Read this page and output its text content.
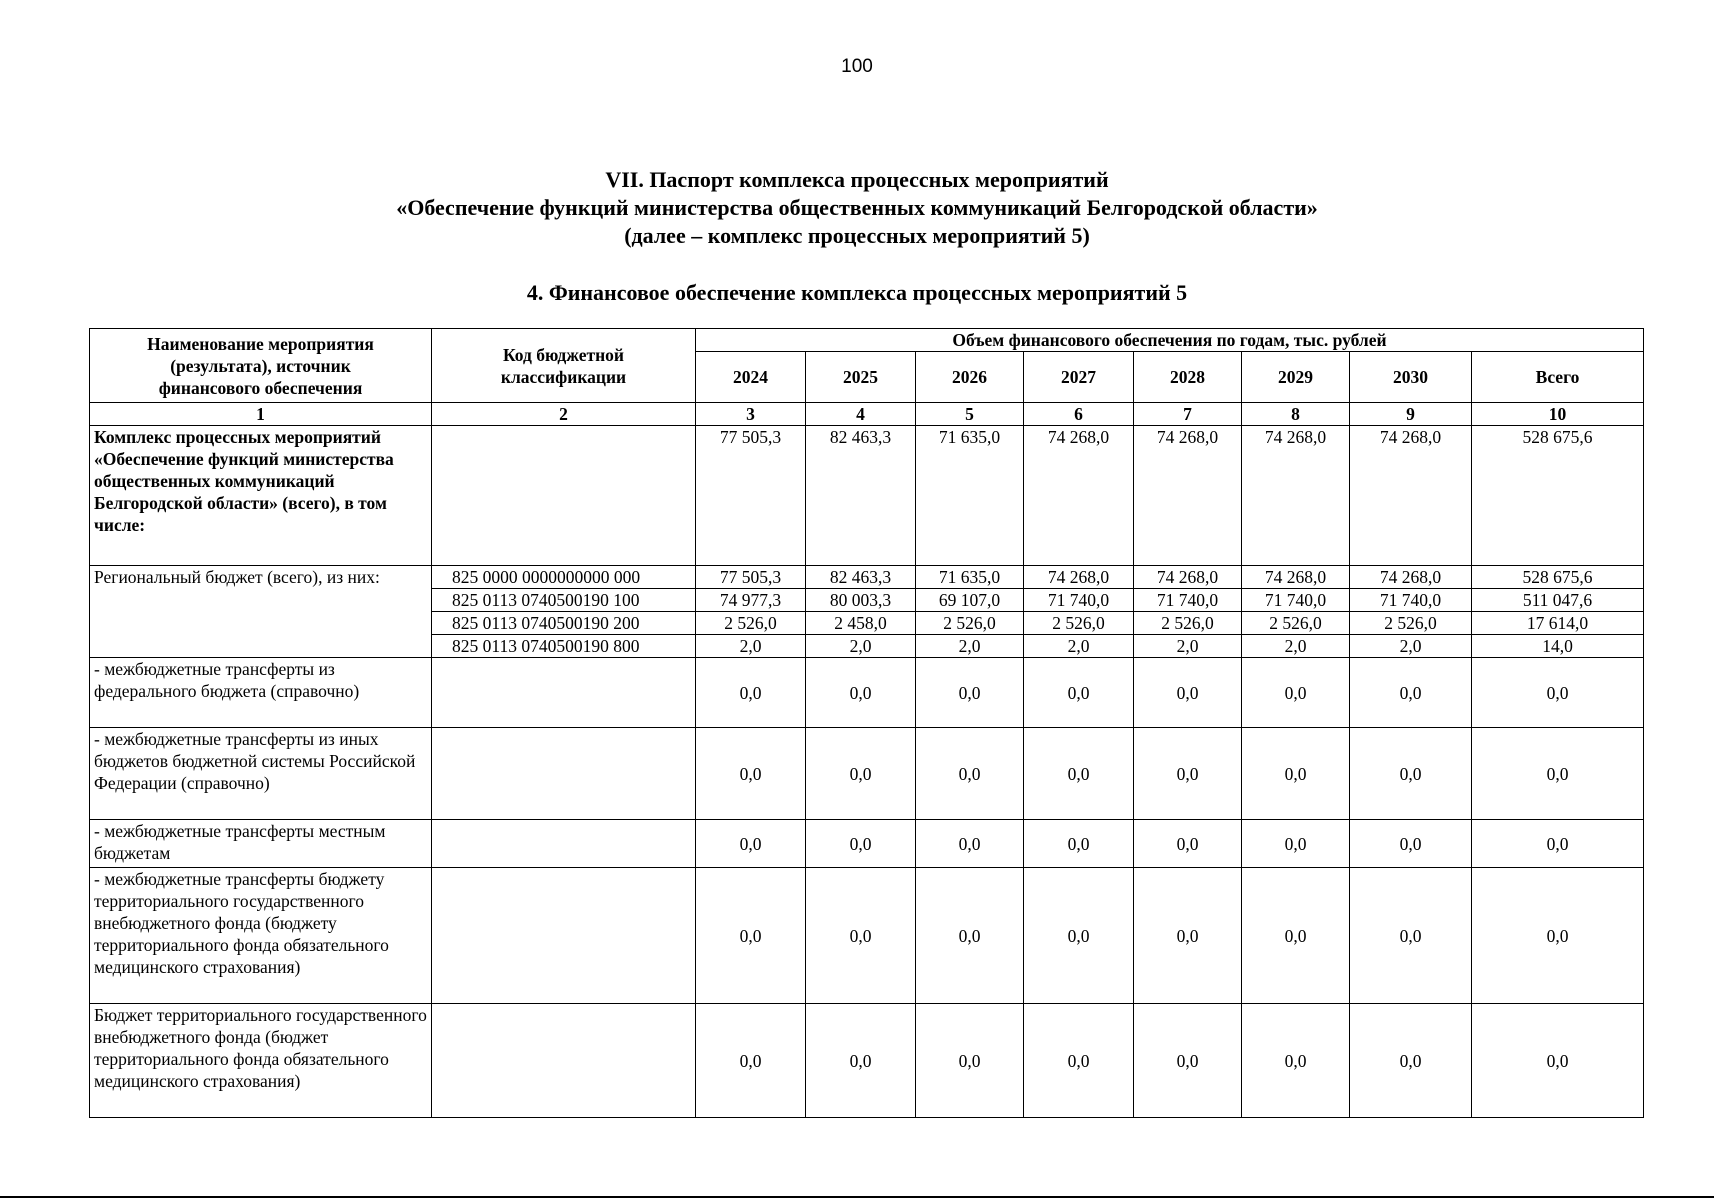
100
VII. Паспорт комплекса процессных мероприятий
«Обеспечение функций министерства общественных коммуникаций Белгородской области»
(далее – комплекс процессных мероприятий 5)
4. Финансовое обеспечение комплекса процессных мероприятий 5
Наименование мероприятия (результата), источник финансового обеспечения	Код бюджетной классификации	Объем финансового обеспечения по годам, тыс. рублей							
		2024	2025	2026	2027	2028	2029	2030	Всего
1	2	3	4	5	6	7	8	9	10
Комплекс процессных мероприятий «Обеспечение функций министерства общественных коммуникаций Белгородской области» (всего), в том числе:		77 505,3	82 463,3	71 635,0	74 268,0	74 268,0	74 268,0	74 268,0	528 675,6
Региональный бюджет (всего), из них:	825 0000 0000000000 000	77 505,3	82 463,3	71 635,0	74 268,0	74 268,0	74 268,0	74 268,0	528 675,6
	825 0113 0740500190 100	74 977,3	80 003,3	69 107,0	71 740,0	71 740,0	71 740,0	71 740,0	511 047,6
	825 0113 0740500190 200	2 526,0	2 458,0	2 526,0	2 526,0	2 526,0	2 526,0	2 526,0	17 614,0
	825 0113 0740500190 800	2,0	2,0	2,0	2,0	2,0	2,0	2,0	14,0
- межбюджетные трансферты из федерального бюджета (справочно)		0,0	0,0	0,0	0,0	0,0	0,0	0,0	0,0
- межбюджетные трансферты из иных бюджетов бюджетной системы Российской Федерации (справочно)		0,0	0,0	0,0	0,0	0,0	0,0	0,0	0,0
- межбюджетные трансферты местным бюджетам		0,0	0,0	0,0	0,0	0,0	0,0	0,0	0,0
- межбюджетные трансферты бюджету территориального государственного внебюджетного фонда (бюджету территориального фонда обязательного медицинского страхования)		0,0	0,0	0,0	0,0	0,0	0,0	0,0	0,0
Бюджет территориального государственного внебюджетного фонда (бюджет территориального фонда обязательного медицинского страхования)		0,0	0,0	0,0	0,0	0,0	0,0	0,0	0,0
